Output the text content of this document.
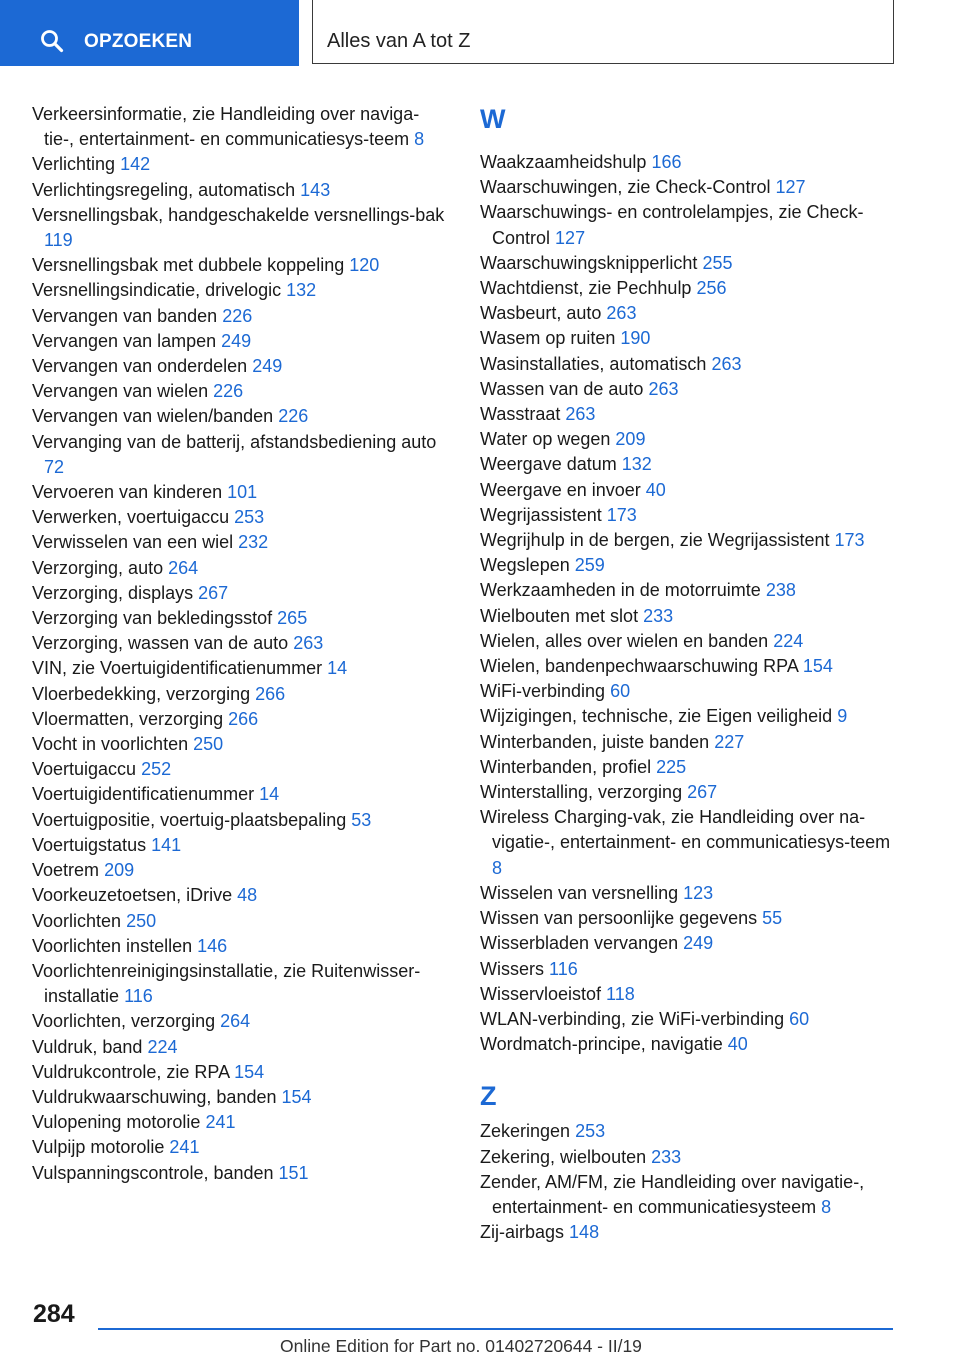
OPZOEKEN	Alles van A tot Z
Verkeersinformatie, zie Handleiding over naviga-tie-, entertainment- en communicatiesys-teem 8
Verlichting 142
Verlichtingsregeling, automatisch 143
Versnellingsbak, handgeschakelde versnellings-bak 119
Versnellingsbak met dubbele koppeling 120
Versnellingsindicatie, drivelogic 132
Vervangen van banden 226
Vervangen van lampen 249
Vervangen van onderdelen 249
Vervangen van wielen 226
Vervangen van wielen/banden 226
Vervanging van de batterij, afstandsbediening auto 72
Vervoeren van kinderen 101
Verwerken, voertuigaccu 253
Verwisselen van een wiel 232
Verzorging, auto 264
Verzorging, displays 267
Verzorging van bekledingsstof 265
Verzorging, wassen van de auto 263
VIN, zie Voertuigidentificatienummer 14
Vloerbedekking, verzorging 266
Vloermatten, verzorging 266
Vocht in voorlichten 250
Voertuigaccu 252
Voertuigidentificatienummer 14
Voertuigpositie, voertuig-plaatsbepaling 53
Voertuigstatus 141
Voetrem 209
Voorkeuzetoetsen, iDrive 48
Voorlichten 250
Voorlichten instellen 146
Voorlichtenreinigingsinstallatie, zie Ruitenwisser-installatie 116
Voorlichten, verzorging 264
Vuldruk, band 224
Vuldrukcontrole, zie RPA 154
Vuldrukwaarschuwing, banden 154
Vulopening motorolie 241
Vulpijp motorolie 241
Vulspanningscontrole, banden 151
W
Waakzaamheidshulp 166
Waarschuwingen, zie Check-Control 127
Waarschuwings- en controlelampjes, zie Check-Control 127
Waarschuwingsknipperlicht 255
Wachtdienst, zie Pechhulp 256
Wasbeurt, auto 263
Wasem op ruiten 190
Wasinstallaties, automatisch 263
Wassen van de auto 263
Wasstraat 263
Water op wegen 209
Weergave datum 132
Weergave en invoer 40
Wegrijassistent 173
Wegrijhulp in de bergen, zie Wegrijassistent 173
Wegslepen 259
Werkzaamheden in de motorruimte 238
Wielbouten met slot 233
Wielen, alles over wielen en banden 224
Wielen, bandenpechwaarschuwing RPA 154
WiFi-verbinding 60
Wijzigingen, technische, zie Eigen veiligheid 9
Winterbanden, juiste banden 227
Winterbanden, profiel 225
Winterstalling, verzorging 267
Wireless Charging-vak, zie Handleiding over na-vigatie-, entertainment- en communicatiesys-teem 8
Wisselen van versnelling 123
Wissen van persoonlijke gegevens 55
Wisserbladen vervangen 249
Wissers 116
Wisservloeistof 118
WLAN-verbinding, zie WiFi-verbinding 60
Wordmatch-principe, navigatie 40
Z
Zekeringen 253
Zekering, wielbouten 233
Zender, AM/FM, zie Handleiding over navigatie-, entertainment- en communicatiesysteem 8
Zij-airbags 148
284
Online Edition for Part no. 01402720644 - II/19
